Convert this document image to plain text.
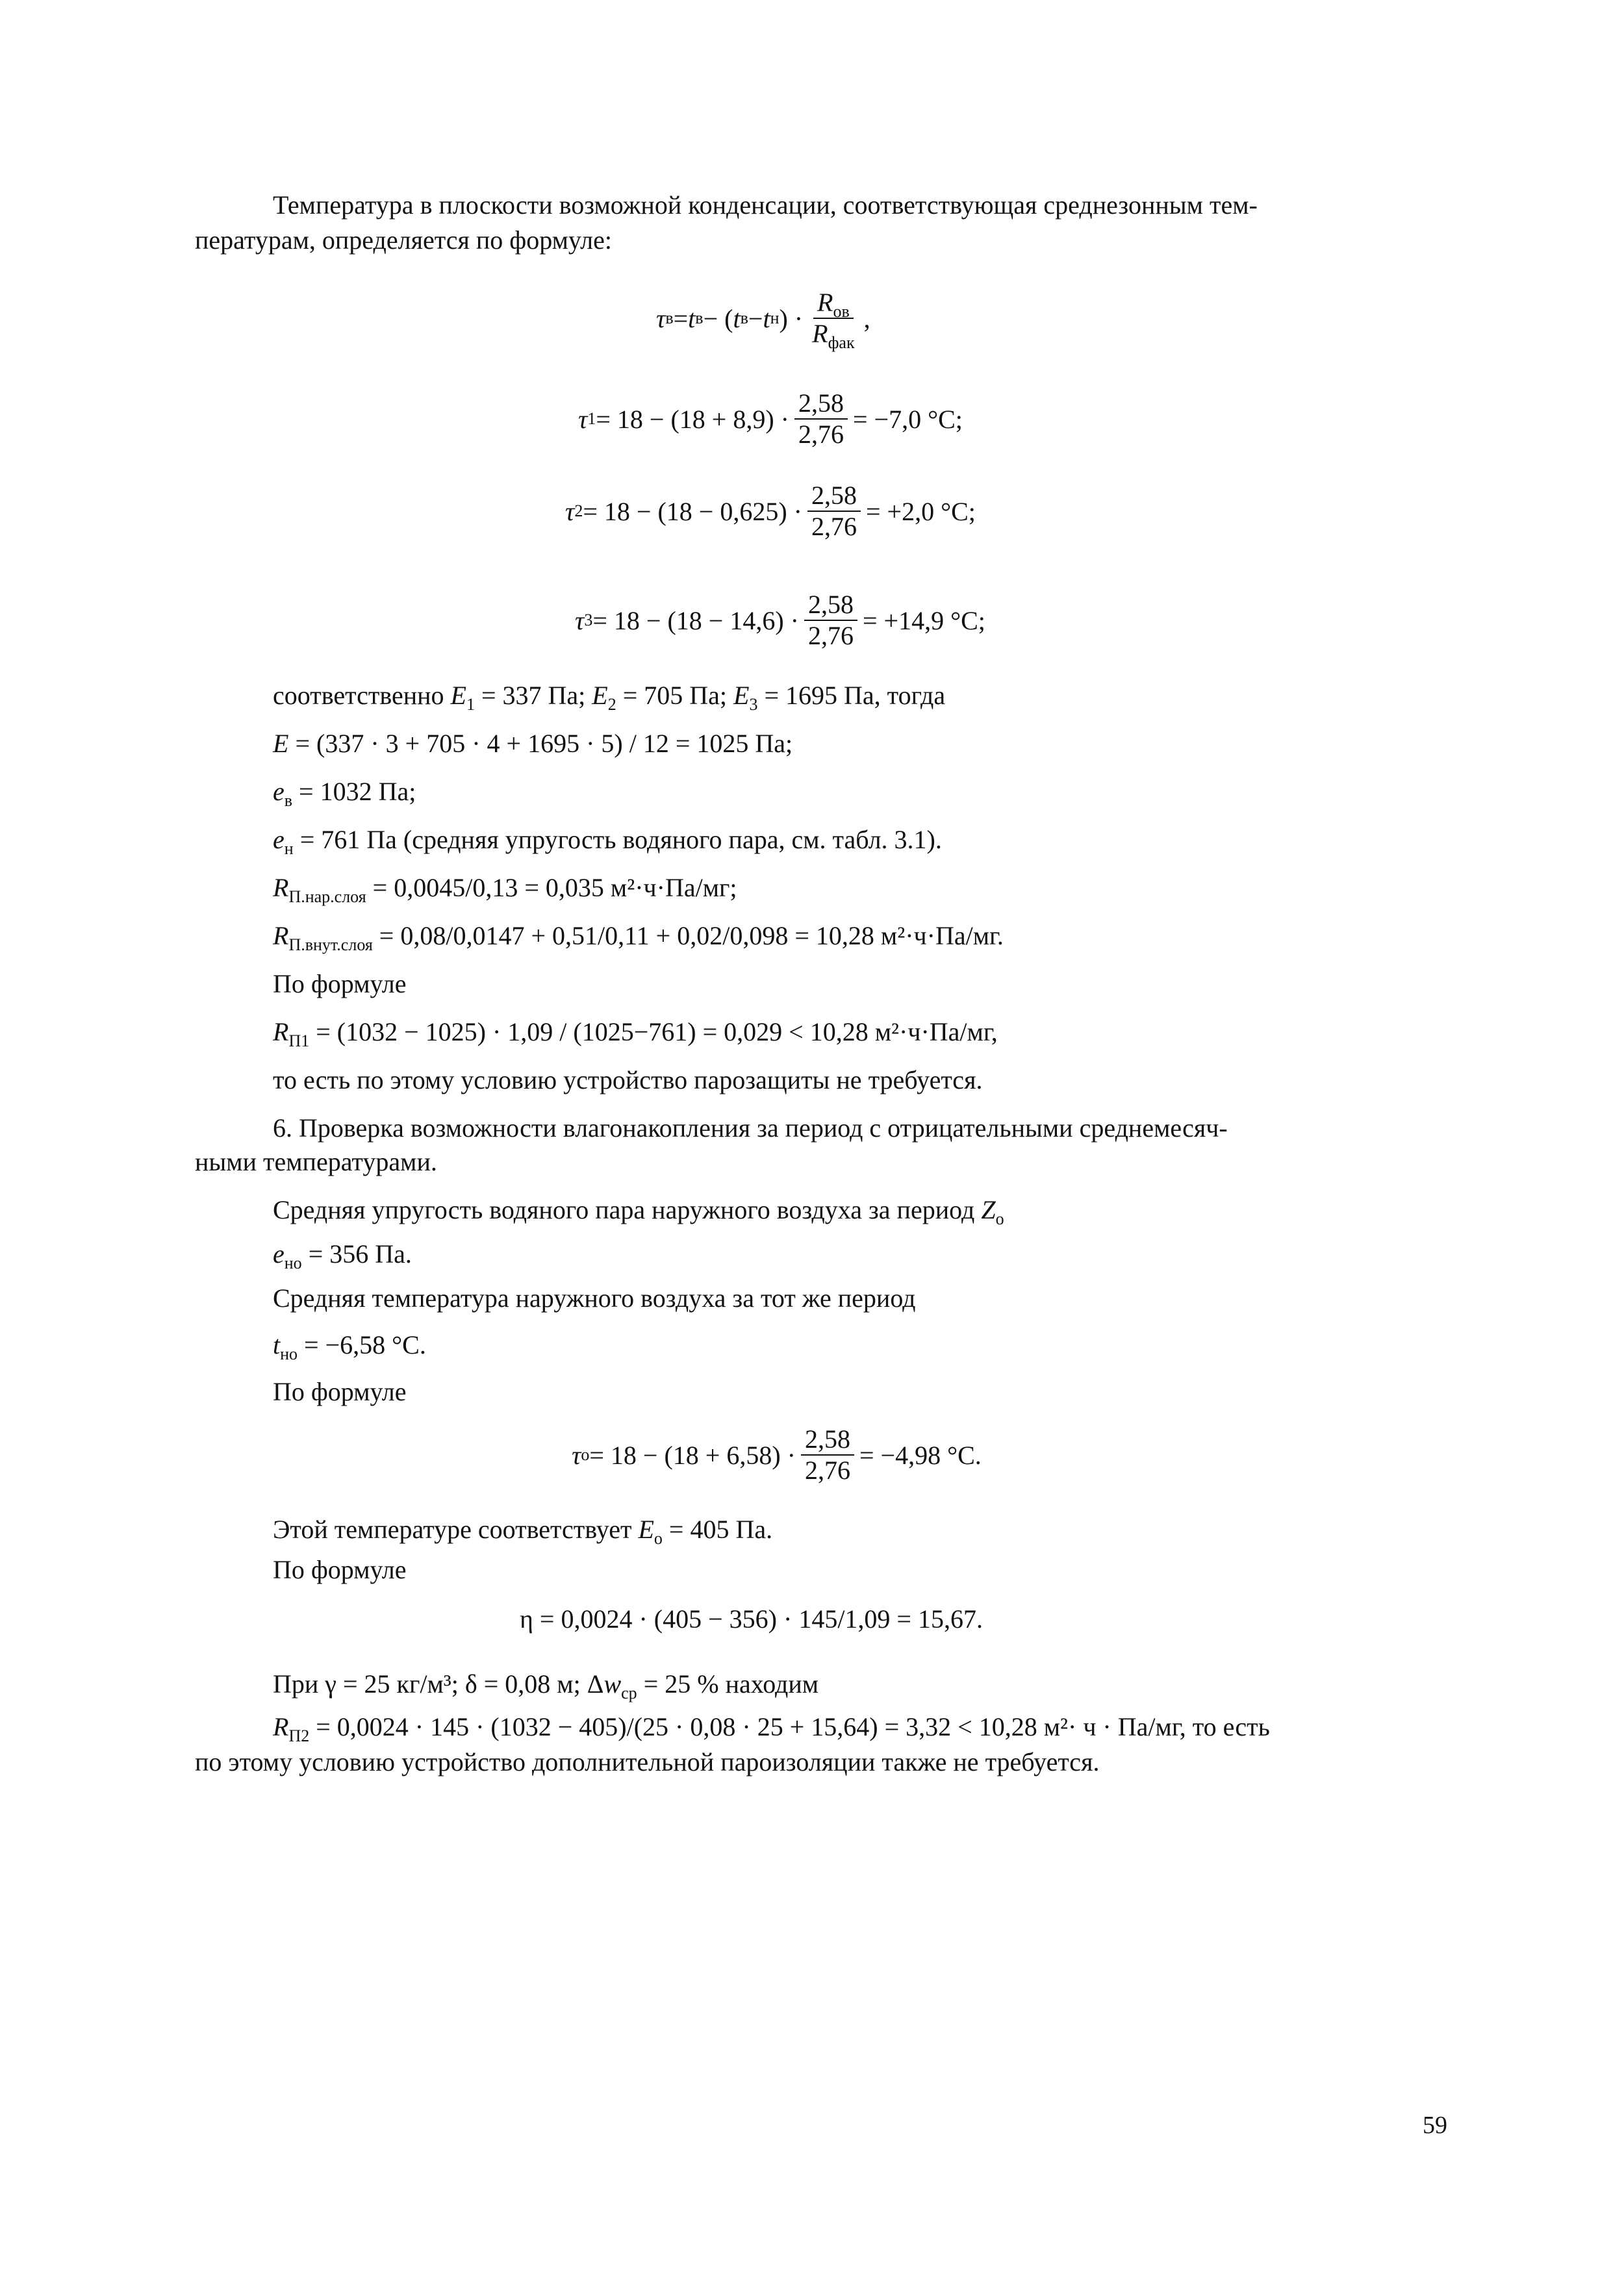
Температура в плоскости возможной конденсации, соответствующая среднезонным тем-
пературам, определяется по формуле:
τ в = t в − ( t в − t н ) · $\frac{R_{ов}}{R_{фак}}$ ,
τ $1 = 18 - (18 + 8,9) \cdot \frac{2,58}{2,76} = -7,0$ °С;
τ $2 = 18 - (18 - 0,625) \cdot \frac{2,58}{2,76} = +2,0$ °С;
τ $3 = 18 - (18 - 14,6) \cdot \frac{2,58}{2,76} = +14,9$ °С;
соответственно $E_1 = 337$ Па; $E_2 = 705$ Па; $E_3 = 1695$ Па, тогда
E = (337 · 3 + 705 · 4 + 1695 · 5) / 12 = 1025 Па;
$e_в = 1032$ Па;
$e_н = 761$ Па (средняя упругость водяного пара, см. табл. 3.1).
$R_{П.нар.слоя} = 0,0045/0,13 = 0,035$ м²·ч·Па/мг;
$R_{П.внут.слоя} = 0,08/0,0147 + 0,51/0,11 + 0,02/0,098 = 10,28$ м²·ч·Па/мг.
По формуле
$R_{П1} = (1032 - 1025) \cdot 1,09 / (1025-761) = 0,029 < 10,28$ м²·ч·Па/мг,
то есть по этому условию устройство парозащиты не требуется.
6. Проверка возможности влагонакопления за период с отрицательными среднемесяч-
ными температурами.
Средняя упругость водяного пара наружного воздуха за период $Z_о$
$e_{но} = 356$ Па.
Средняя температура наружного воздуха за тот же период
$t_{но} = -6,58$ °С.
По формуле
τ $о = 18 - (18 + 6,58) \cdot \frac{2,58}{2,76} = -4,98$ °С.
Этой температуре соответствует $E_о = 405$ Па.
По формуле
η = 0,0024 · (405 − 356) · 145/1,09 = 15,67.
При γ = 25 кг/м³; δ = 0,08 м; $\Delta w_{ср} = 25$ % находим
$R_{П2} = 0,0024 \cdot 145 \cdot (1032 - 405)/(25 \cdot 0,08 \cdot 25 + 15,64) = 3,32 < 10,28$ м²· ч · Па/мг, то есть
по этому условию устройство дополнительной пароизоляции также не требуется.
59
